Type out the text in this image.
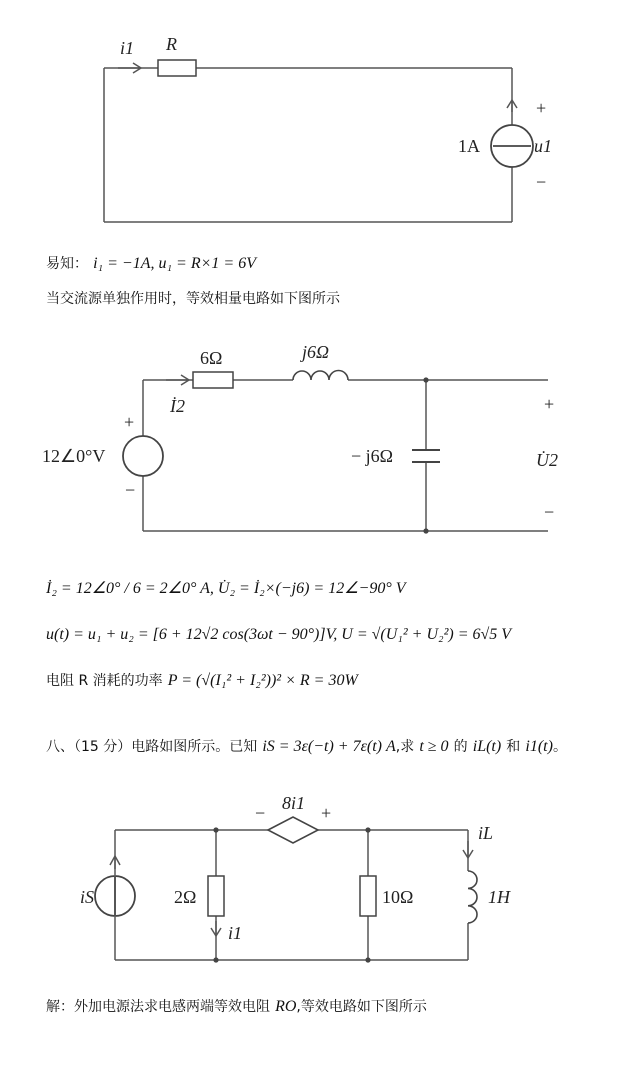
i1 R
1A	u1
+
−
易知： i₁ = −1A, u₁ = R×1 = 6V
当交流源单独作用时，等效相量电路如下图所示
6Ω	j6Ω
İ2
12∠0°V
+
−
− j6Ω	U̇2
+
−
İ₂ = 12∠0° / 6 = 2∠0° A, U̇₂ = İ₂×(−j6) = 12∠−90° V
u(t) = u₁ + u₂ = [6 + 12√2 cos(3ωt − 90°)]V, U = √(U₁² + U₂²) = 6√5 V
电阻 R 消耗的功率 P = (√(I₁² + I₂²))² × R = 30W
八、（15 分）电路如图所示。已知 iS = 3ε(−t) + 7ε(t) A,求 t ≥ 0 的 iL(t) 和 i1(t)。
8i1
−	+
iS	2Ω
i1
10Ω
iL
1H
解：外加电源法求电感两端等效电阻 RO,等效电路如下图所示
